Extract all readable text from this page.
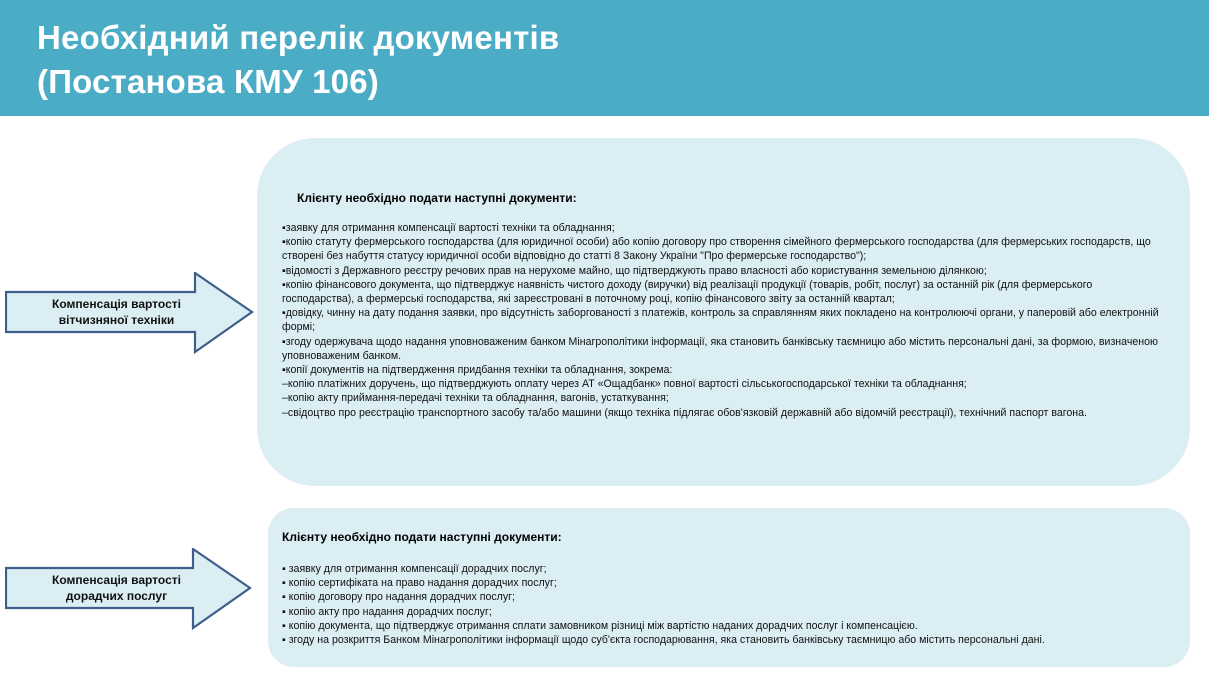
Необхідний перелік документів
(Постанова КМУ 106)
Компенсація вартості
вітчизняної техніки
Клієнту необхідно подати наступні документи:
▪заявку для отримання компенсації вартості техніки та обладнання;
▪копію статуту фермерського господарства (для юридичної особи) або копію договору про створення сімейного фермерського господарства (для фермерських господарств, що створені без набуття статусу юридичної особи відповідно до статті 8 Закону України "Про фермерське господарство");
▪відомості з Державного реєстру речових прав на нерухоме майно, що підтверджують право власності або користування земельною ділянкою;
▪копію фінансового документа, що підтверджує наявність чистого доходу (виручки) від реалізації продукції (товарів, робіт, послуг) за останній рік (для фермерського господарства), а фермерські господарства, які зареєстровані в поточному році, копію фінансового звіту за останній квартал;
▪довідку, чинну на дату подання заявки, про відсутність заборгованості з платежів, контроль за справлянням яких покладено на контролюючі органи, у паперовій або електронній формі;
▪згоду одержувача щодо надання уповноваженим банком Мінагрополітики інформації, яка становить банківську таємницю або містить персональні дані, за формою, визначеною уповноваженим банком.
▪копії документів на підтвердження придбання техніки та обладнання, зокрема:
‒копію платіжних доручень, що підтверджують оплату через АТ «Ощадбанк» повної вартості сільськогосподарської техніки та обладнання;
‒копію акту приймання-передачі техніки та обладнання, вагонів, устаткування;
‒свідоцтво про реєстрацію транспортного засобу та/або машини (якщо техніка підлягає обов'язковій державній або відомчій реєстрації), технічний паспорт вагона.
Компенсація вартості
дорадчих послуг
Клієнту необхідно подати наступні документи:
▪ заявку для отримання компенсації дорадчих послуг;
▪ копію сертифіката на право надання дорадчих послуг;
▪ копію договору про надання дорадчих послуг;
▪ копію акту про надання дорадчих послуг;
▪ копію документа, що підтверджує отримання сплати замовником різниці між вартістю наданих дорадчих послуг і компенсацією.
▪ згоду на розкриття Банком Мінагрополітики інформації щодо суб'єкта господарювання, яка становить банківську таємницю або містить персональні дані.
